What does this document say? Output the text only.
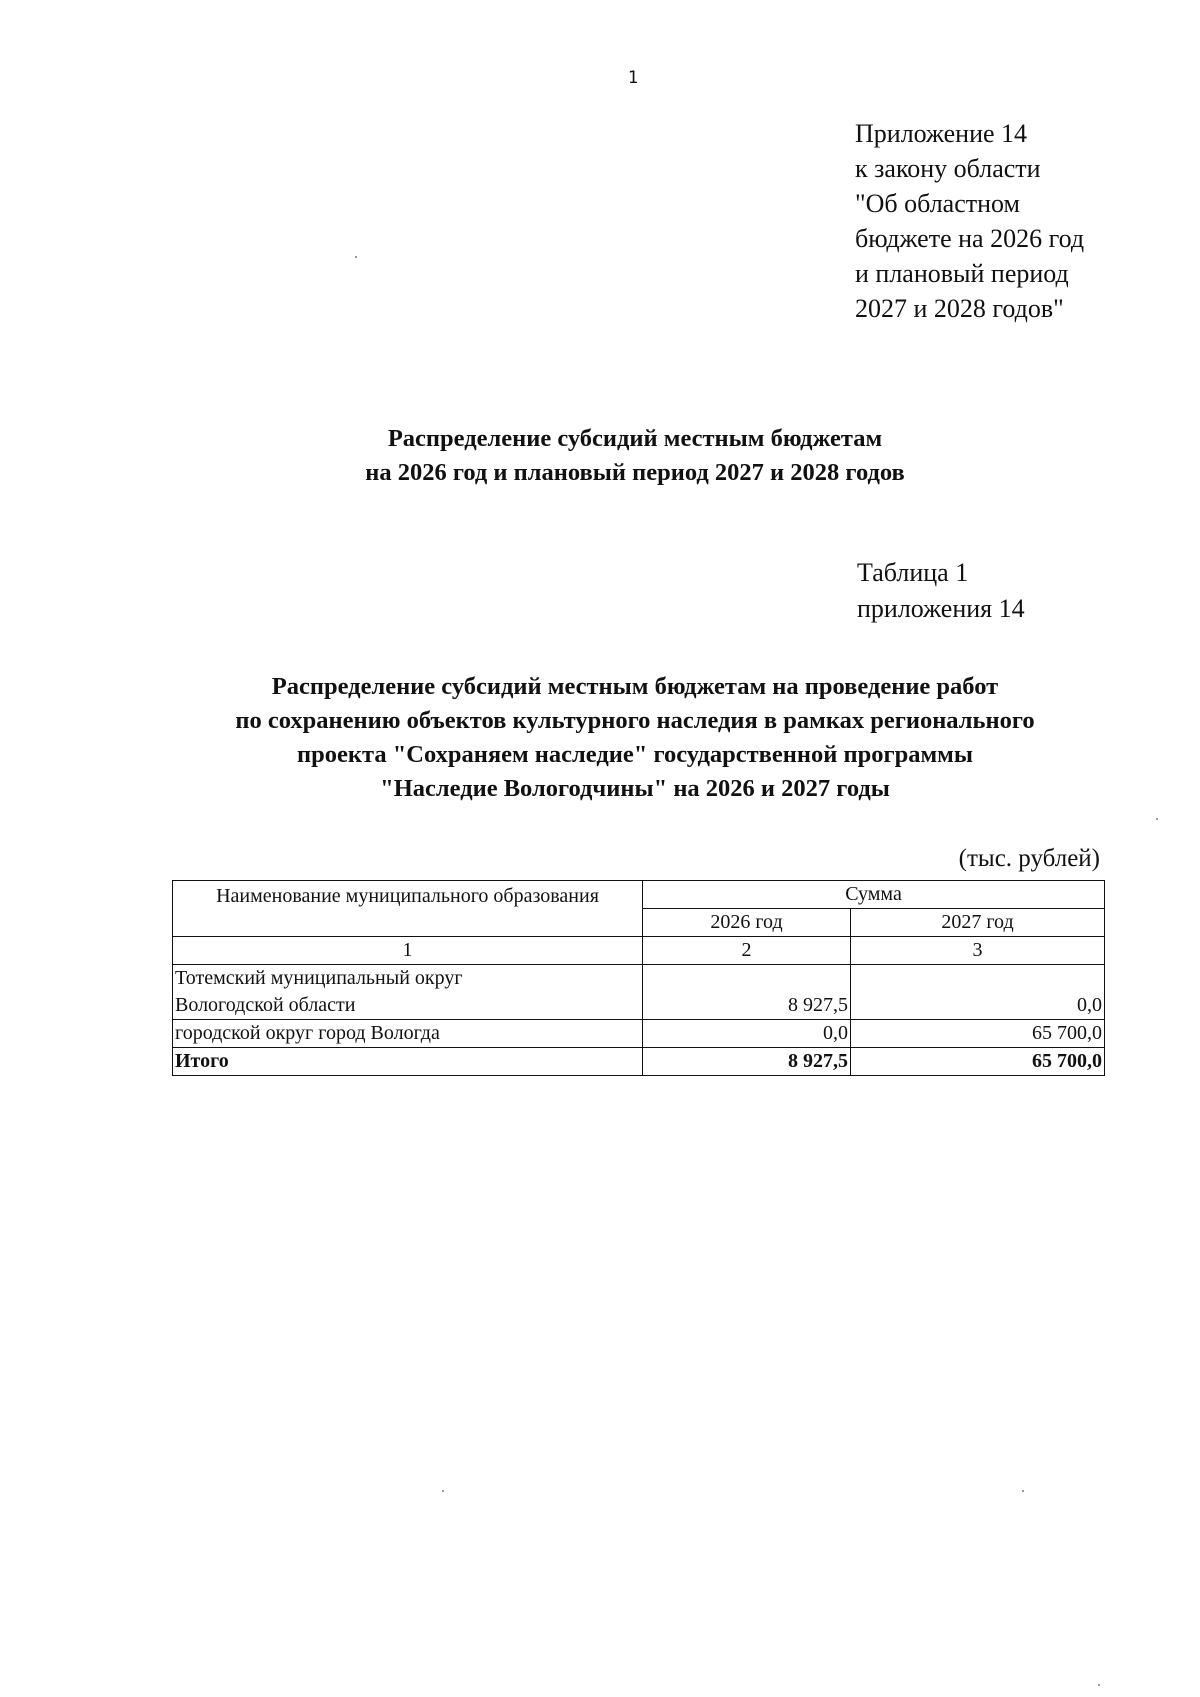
1
Приложение 14
к закону области
"Об областном
бюджете на 2026 год
и плановый период
2027 и 2028 годов"
Распределение субсидий местным бюджетам
на 2026 год и плановый период 2027 и 2028 годов
Таблица 1
приложения 14
Распределение субсидий местным бюджетам на проведение работ
по сохранению объектов культурного наследия в рамках регионального
проекта "Сохраняем наследие" государственной программы
"Наследие Вологодчины" на 2026 и 2027 годы
(тыс. рублей)
Наименование муниципального образования	Сумма	
	2026 год	2027 год
1	2	3

Тотемский муниципальный округ
Вологодской области	8 927,5	0,0
городской округ город Вологда	0,0	65 700,0
Итого	8 927,5	65 700,0
